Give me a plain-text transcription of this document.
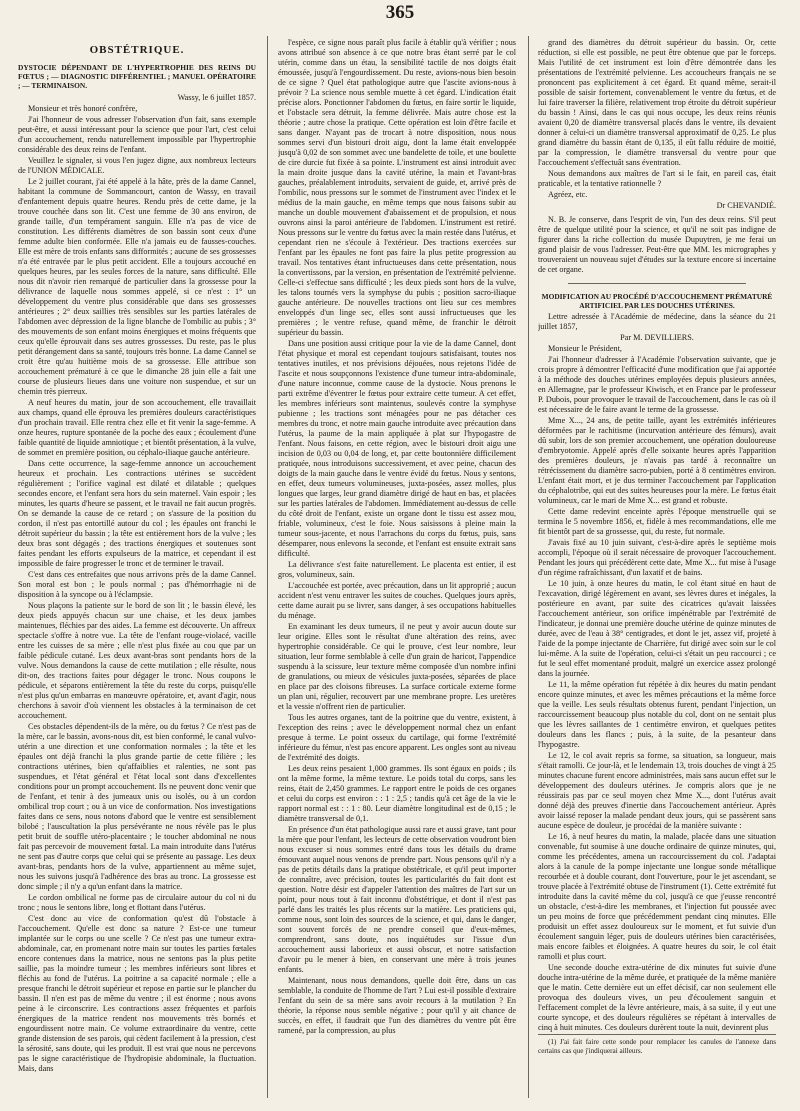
365
OBSTÉTRIQUE.

DYSTOCIE DÉPENDANT DE L'HYPERTROPHIE DES REINS DU FŒTUS ; — DIAGNOSTIC DIFFÉRENTIEL ; MANUEL OPÉRATOIRE ; — TERMINAISON.

Wassy, le 6 juillet 1857.

Monsieur et très honoré confrère,

J'ai l'honneur de vous adresser l'observation d'un fait, sans exemple peut-être, et aussi intéressant pour la science que pour l'art, c'est celui d'un accouchement, rendu naturellement impossible par l'hypertrophie considérable des deux reins de l'enfant.

Veuillez le signaler, si vous l'en jugez digne, aux nombreux lecteurs de l'UNION MÉDICALE.

Le 2 juillet courant, j'ai été appelé à la hâte, près de la dame Cannel, habitant la commune de Sommancourt, canton de Wassy, en travail d'enfantement depuis quatre heures. Rendu près de cette dame, je la trouve couchée dans son lit. C'est une femme de 30 ans environ, de grande taille, d'un tempérament sanguin. Elle n'a pas de vice de constitution. Les différents diamètres de son bassin sont ceux d'une femme adulte bien conformée. Elle n'a jamais eu de fausses-couches. Elle est mère de trois enfants sans difformités ; aucune de ses grossesses n'a été entravée par le plus petit accident. Elle a toujours accouché en quelques heures, par les seules forces de la nature, sans difficulté. Elle nous dit n'avoir rien remarqué de particulier dans la grossesse pour la délivrance de laquelle nous sommes appelé, si ce n'est : 1° un développement du ventre plus considérable que dans ses grossesses antérieures ; 2° deux saillies très sensibles sur les parties latérales de l'abdomen avec dépression de la ligne blanche de l'ombilic au pubis ; 3° des mouvements de son enfant moins énergiques et moins fréquents que ceux qu'elle éprouvait dans ses autres grossesses. Du reste, pas le plus petit dérangement dans sa santé, toujours très bonne. La dame Cannel se croit être qu'au huitième mois de sa grossesse. Elle attribue son accouchement prématuré à ce que le dimanche 28 juin elle a fait une course de plusieurs lieues dans une voiture non suspendue, et sur un chemin très pierreux.

A neuf heures du matin, jour de son accouchement, elle travaillait aux champs, quand elle éprouva les premières douleurs caractéristiques d'un prochain travail. Elle rentra chez elle et fit venir la sage-femme. A onze heures, rupture spontanée de la poche des eaux ; écoulement d'une faible quantité de liquide amniotique ; et bientôt présentation, à la vulve, de sommet en première position, ou céphalo-iliaque gauche antérieure.

Dans cette occurrence, la sage-femme annonce un accouchement heureux et prochain. Les contractions utérines se succèdent régulièrement ; l'orifice vaginal est dilaté et dilatable ; quelques secondes encore, et l'enfant sera hors du sein maternel. Vain espoir ; les minutes, les quarts d'heure se passent, et le travail ne fait aucun progrès. On se demande la cause de ce retard ; on s'assure de la position du cordon, il n'est pas entortillé autour du col ; les épaules ont franchi le détroit supérieur du bassin ; la tête est entièrement hors de la vulve ; les deux bras sont dégagés ; des tractions énergiques et soutenues sont faites pendant les efforts expulseurs de la matrice, et cependant il est impossible de faire progresser le tronc et de terminer le travail.

C'est dans ces entrefaites que nous arrivons près de la dame Cannel. Son moral est bon ; le pouls normal ; pas d'hémorrhagie ni de disposition à la syncope ou à l'éclampsie.

Nous plaçons la patiente sur le bord de son lit ; le bassin élevé, les deux pieds appuyés chacun sur une chaise, et les deux jambes maintenues, fléchies par des aides. La femme est découverte. Un affreux spectacle s'offre à notre vue. La tête de l'enfant rouge-violacé, vacille entre les cuisses de sa mère ; elle n'est plus fixée au cou que par un faible pédicule cutané. Les deux avant-bras sont pendants hors de la vulve. Nous demandons la cause de cette mutilation ; elle résulte, nous dit-on, des tractions faites pour dégager le tronc. Nous coupons le pédicule, et séparons entièrement la tête du reste du corps, puisqu'elle n'est plus qu'un embarras en manœuvre opératoire, et, avant d'agir, nous cherchons à savoir d'où viennent les obstacles à la terminaison de cet accouchement.

Ces obstacles dépendent-ils de la mère, ou du fœtus ? Ce n'est pas de la mère, car le bassin, avons-nous dit, est bien conformé, le canal vulvo-utérin a une direction et une conformation normales ; la tête et les épaules ont déjà franchi la plus grande partie de cette filière ; les contractions utérines, bien qu'affaiblies et ralenties, ne sont pas suspendues, et l'état général et l'état local sont dans d'excellentes conditions pour un prompt accouchement. Ils ne peuvent donc venir que de l'enfant, et tenir à des jumeaux unis ou isolés, ou à un cordon ombilical trop court ; ou à un vice de conformation. Nos investigations faites dans ce sens, nous notons d'abord que le ventre est sensiblement bilobé ; l'auscultation la plus persévérante ne nous révèle pas le plus petit bruit de souffle utéro-placentaire ; le toucher abdominal ne nous fait pas percevoir de mouvement fœtal. La main introduite dans l'utérus ne sent pas d'autre corps que celui qui se présente au passage. Les deux avant-bras, pendants hors de la vulve, appartiennent au même sujet, nous les suivons jusqu'à l'adhérence des bras au tronc. La grossesse est donc simple ; il n'y a qu'un enfant dans la matrice.

Le cordon ombilical ne forme pas de circulaire autour du col ni du tronc ; nous le sentons libre, long et flottant dans l'utérus.

C'est donc au vice de conformation qu'est dû l'obstacle à l'accouchement. Qu'elle est donc sa nature ? Est-ce une tumeur implantée sur le corps ou une scelle ? Ce n'est pas une tumeur extra-abdominale, car, en promenant notre main sur toutes les parties fœtales encore contenues dans la matrice, nous ne sentons pas la plus petite saillie, pas la moindre tumeur ; les membres inférieurs sont libres et fléchis au fond de l'utérus. La poitrine a sa capacité normale ; elle a presque franchi le détroit supérieur et repose en partie sur le plancher du bassin. Il n'en est pas de même du ventre ; il est énorme ; nous avons peine à le circonscrire. Les contractions assez fréquentes et parfois énergiques de la matrice rendent nos mouvements très bornés et engourdissent notre main. Ce volume extraordinaire du ventre, cette grande distension de ses parois, qui cèdent facilement à la pression, c'est la sérosité, sans doute, qui les produit. Il est vrai que nous ne percevons pas le signe caractéristique de l'hydropisie abdominale, la fluctuation. Mais, dans

l'espèce, ce signe nous paraît plus facile à établir qu'à vérifier ; nous avons attribué son absence à ce que notre bras étant serré par le col utérin, comme dans un étau, la sensibilité tactile de nos doigts était émoussée, jusqu'à l'engourdissement. Du reste, avions-nous bien besoin de ce signe ? Quel état pathologique autre que l'ascite avions-nous à prévoir ? La science nous semble muette à cet égard. L'indication était précise alors. Ponctionner l'abdomen du fœtus, en faire sortir le liquide, et l'obstacle sera détruit, la femme délivrée. Mais autre chose est la théorie ; autre chose la pratique. Cette opération est loin d'être facile et sans danger. N'ayant pas de trocart à notre disposition, nous nous sommes servi d'un bistouri droit aigu, dont la lame était enveloppée jusqu'à 0,02 de son sommet avec une bandelette de toile, et une boulette de cire durcie fut fixée à sa pointe. L'instrument est ainsi introduit avec la main droite jusque dans la cavité utérine, la main et l'avant-bras gauches, préalablement introduits, servaient de guide, et, arrivé près de l'ombilic, nous pressons sur le sommet de l'instrument avec l'index et le médius de la main gauche, en même temps que nous faisons subir au manche un double mouvement d'abaissement et de propulsion, et nous ouvrons ainsi la paroi antérieure de l'abdomen. L'instrument est retiré. Nous pressons sur le ventre du fœtus avec la main restée dans l'utérus, et cependant rien ne s'écoule à l'extérieur. Des tractions exercées sur l'enfant par les épaules ne font pas faire la plus petite progression au travail. Nos tentatives étant infructueuses dans cette présentation, nous la convertissons, par la version, en présentation de l'extrémité pelvienne. Celle-ci s'effectue sans difficulté ; les deux pieds sont hors de la vulve, les talons tournés vers la symphyse du pubis ; position sacro-iliaque gauche antérieure. De nouvelles tractions ont lieu sur ces membres enveloppés d'un linge sec, elles sont aussi infructueuses que les premières ; le ventre refuse, quand même, de franchir le détroit supérieur du bassin.

Dans une position aussi critique pour la vie de la dame Cannel, dont l'état physique et moral est cependant toujours satisfaisant, toutes nos tentatives inutiles, et nos prévisions déjouées, nous rejetons l'idée de l'ascite et nous soupçonnons l'existence d'une tumeur intra-abdominale, d'une nature inconnue, comme cause de la dystocie. Nous prenons le parti extrême d'éventrer le fœtus pour extraire cette tumeur. A cet effet, les membres inférieurs sont maintenus, soulevés contre la symphyse pubienne ; les tractions sont ménagées pour ne pas détacher ces membres du tronc, et notre main gauche introduite avec précaution dans l'utérus, la paume de la main appliquée à plat sur l'hypogastre de l'enfant. Nous faisons, en cette région, avec le bistouri droit aigu une incision de 0,03 ou 0,04 de long, et, par cette boutonnière difficilement pratiquée, nous introduisons successivement, et avec peine, chacun des doigts de la main gauche dans le ventre évidé du fœtus. Nous y sentons, en effet, deux tumeurs volumineuses, juxta-posées, assez molles, plus longues que larges, leur grand diamètre dirigé de haut en bas, et placées sur les parties latérales de l'abdomen. Immédiatement au-dessus de celle du côté droit de l'enfant, existe un organe dont le tissu est assez mou, friable, volumineux, c'est le foie. Nous saisissons à pleine main la tumeur sous-jacente, et nous l'arrachons du corps du fœtus, puis, sans désemparer, nous enlevons la seconde, et l'enfant est ensuite extrait sans difficulté.

La délivrance s'est faite naturellement. Le placenta est entier, il est gros, volumineux, sain.

L'accouchée est portée, avec précaution, dans un lit approprié ; aucun accident n'est venu entraver les suites de couches. Quelques jours après, cette dame aurait pu se livrer, sans danger, à ses occupations habituelles du ménage.

En examinant les deux tumeurs, il ne peut y avoir aucun doute sur leur origine. Elles sont le résultat d'une altération des reins, avec hypertrophie considérable. Ce qui le prouve, c'est leur nombre, leur situation, leur forme semblable à celle d'un grain de haricot, l'appendice suspendu à la scissure, leur texture même composée d'un nombre infini de granulations, ou mieux de vésicules juxta-posées, séparées de place en place par des cloisons fibreuses. La surface corticale externe forme un plan uni, régulier, recouvert par une membrane propre. Les uretères et la vessie n'offrent rien de particulier.

Tous les autres organes, tant de la poitrine que du ventre, existent, à l'exception des reins ; avec le développement normal chez un enfant presque à terme. Le point osseux du cartilage, qui forme l'extrémité inférieure du fémur, n'est pas encore apparent. Les ongles sont au niveau de l'extrémité des doigts.

Les deux reins pesaient 1,000 grammes. Ils sont égaux en poids ; ils ont la même forme, la même texture. Le poids total du corps, sans les reins, était de 2,450 grammes. Le rapport entre le poids de ces organes et celui du corps est environ : : 1 : 2,5 ; tandis qu'à cet âge de la vie le rapport normal est : : 1 : 80. Leur diamètre longitudinal est de 0,15 ; le diamètre transversal de 0,1.

En présence d'un état pathologique aussi rare et aussi grave, tant pour la mère que pour l'enfant, les lecteurs de cette observation voudront bien nous excuser si nous sommes entré dans tous les détails du drame émouvant auquel nous venons de prendre part. Nous pensons qu'il n'y a pas de petits détails dans la pratique obstétricale, et qu'il peut importer de connaître, avec précision, toutes les particularités du fait dont est question. Notre désir est d'appeler l'attention des maîtres de l'art sur un point, pour nous tout à fait inconnu d'obstétrique, et dont il n'est pas parlé dans les traités les plus récents sur la matière. Les praticiens qui, comme nous, sont loin des sources de la science, et qui, dans le danger, sont souvent forcés de ne prendre conseil que d'eux-mêmes, comprendront, sans doute, nos inquiétudes sur l'issue d'un accouchement aussi laborieux et aussi obscur, et notre satisfaction d'avoir pu le mener à bien, en conservant une mère à trois jeunes enfants.

Maintenant, nous nous demandons, quelle doit être, dans un cas semblable, la conduite de l'homme de l'art ? Lui est-il possible d'extraire l'enfant du sein de sa mère sans avoir recours à la mutilation ? En théorie, la réponse nous semble négative ; pour qu'il y ait chance de succès, en effet, il faudrait que l'un des diamètres du ventre pût être ramené, par la compression, au plus

grand des diamètres du détroit supérieur du bassin. Or, cette réduction, si elle est possible, ne peut être obtenue que par le forceps. Mais l'utilité de cet instrument est loin d'être démontrée dans les présentations de l'extrémité pelvienne. Les accoucheurs français ne se prononcent pas explicitement à cet égard. Et quand même, serait-il possible de saisir fortement, convenablement le ventre du fœtus, et de lui faire traverser la filière, relativement trop étroite du détroit supérieur du bassin ! Ainsi, dans le cas qui nous occupe, les deux reins réunis avaient 0,20 de diamètre transversal placés dans le ventre, ils devaient donner à celui-ci un diamètre transversal approximatif de 0,25. Le plus grand diamètre du bassin étant de 0,135, il eût fallu réduire de moitié, par la compression, le diamètre transversal du ventre pour que l'accouchement s'effectuât sans éventration.

Nous demandons aux maîtres de l'art si le fait, en pareil cas, était praticable, et la tentative rationnelle ?

Agréez, etc.

Dr CHEVANDIÉ.

N. B. Je conserve, dans l'esprit de vin, l'un des deux reins. S'il peut être de quelque utilité pour la science, et qu'il ne soit pas indigne de figurer dans la riche collection du musée Dupuytren, je me ferai un grand plaisir de vous l'adresser. Peut-être que MM. les micrographes y trouveraient un nouveau sujet d'études sur la texture encore si incertaine de cet organe.

MODIFICATION AU PROCÉDÉ D'ACCOUCHEMENT PRÉMATURÉ ARTIFICIEL PAR LES DOUCHES UTÉRINES.

Lettre adressée à l'Académie de médecine, dans la séance du 21 juillet 1857,

Par M. DEVILLIERS.

Monsieur le Président,

J'ai l'honneur d'adresser à l'Académie l'observation suivante, que je crois propre à démontrer l'efficacité d'une modification que j'ai apportée à la méthode des douches utérines employées depuis plusieurs années, en Allemagne, par le professeur Kiwisch, et en France par le professeur P. Dubois, pour provoquer le travail de l'accouchement, dans le cas où il est nécessaire de le faire avant le terme de la grossesse.

Mme X..., 24 ans, de petite taille, ayant les extrémités inférieures déformées par le rachitisme (incurvation antérieure des fémurs), avait dû subir, lors de son premier accouchement, une opération douloureuse d'embryotomie. Appelé après d'elle soixante heures après l'apparition des premières douleurs, je n'avais pas tardé à reconnaître un rétrécissement du diamètre sacro-pubien, porté à 8 centimètres environ. L'enfant était mort, et je dus terminer l'accouchement par l'application du céphalotribe, qui eut des suites heureuses pour la mère. Le fœtus était volumineux, car le mari de Mme X... est grand et robuste.

Cette dame redevint enceinte après l'époque menstruelle qui se termina le 5 novembre 1856, et, fidèle à mes recommandations, elle me fit bientôt part de sa grossesse, qui, du reste, fut normale.

J'avais fixé au 10 juin suivant, c'est-à-dire après le septième mois accompli, l'époque où il serait nécessaire de provoquer l'accouchement. Pendant les jours qui précédèrent cette date, Mme X... fut mise à l'usage d'un régime rafraîchissant, d'un laxatif et de bains.

Le 10 juin, à onze heures du matin, le col étant situé en haut de l'excavation, dirigé légèrement en avant, ses lèvres dures et inégales, la postérieure en avant, par suite des cicatrices qu'avait laissées l'accouchement antérieur, son orifice impénétrable par l'extrémité de l'indicateur, je donnai une première douche utérine de quinze minutes de durée, avec de l'eau à 38° centigrades, et dont le jet, assez vif, projeté à l'aide de la pompe injectante de Charrière, fut dirigé avec soin sur le col lui-même. A la suite de l'opération, celui-ci s'était un peu raccourci ; ce fut le seul effet momentané produit, malgré un exercice assez prolongé dans la journée.

Le 11, la même opération fut répétée à dix heures du matin pendant encore quinze minutes, et avec les mêmes précautions et la même force que la veille. Les seuls résultats obtenus furent, pendant l'injection, un raccourcissement beaucoup plus notable du col, dont on ne sentait plus que les lèvres saillantes de 1 centimètre environ, et quelques petites douleurs dans les flancs ; puis, à la suite, de la pesanteur dans l'hypogastre.

Le 12, le col avait repris sa forme, sa situation, sa longueur, mais s'était ramolli. Ce jour-là, et le lendemain 13, trois douches de vingt à 25 minutes chacune furent encore administrées, mais sans aucun effet sur le développement des douleurs utérines. Je compris alors que je ne réussirais pas par ce seul moyen chez Mme X..., dont l'utérus avait donné déjà des preuves d'inertie dans l'accouchement antérieur. Après avoir laissé reposer la malade pendant deux jours, qui se passèrent sans aucune espèce de douleur, je procédai de la manière suivante :

Le 16, à neuf heures du matin, la malade, placée dans une situation convenable, fut soumise à une douche ordinaire de quinze minutes, qui, comme les précédentes, amena un raccourcissement du col. J'adaptai alors à la canule de la pompe injectante une longue sonde métallique recourbée et à double courant, dont l'ouverture, pour le jet ascendant, se trouve placée à l'extrémité obtuse de l'instrument (1). Cette extrémité fut introduite dans la cavité même du col, jusqu'à ce que j'eusse rencontré un obstacle, c'est-à-dire les membranes, et l'injection fut poussée avec un peu moins de force que précédemment pendant cinq minutes. Elle produisit un effet assez douloureux sur le moment, et fut suivie d'un écoulement sanguin léger, puis de douleurs utérines bien caractérisées, mais encore faibles et éloignées. A quatre heures du soir, le col était ramolli et plus court.

Une seconde douche extra-utérine de dix minutes fut suivie d'une douche intra-utérine de la même durée, et pratiquée de la même manière que le matin. Cette dernière eut un effet décisif, car non seulement elle provoqua des douleurs vives, un peu d'écoulement sanguin et l'effacement complet de la lèvre antérieure, mais, à sa suite, il y eut une courte syncope, et des douleurs régulières se répétant à intervalles de cinq à huit minutes. Ces douleurs durèrent toute la nuit, devinrent plus

(1) J'ai fait faire cette sonde pour remplacer les canules de l'annexe dans certains cas que j'indiquerai ailleurs.
